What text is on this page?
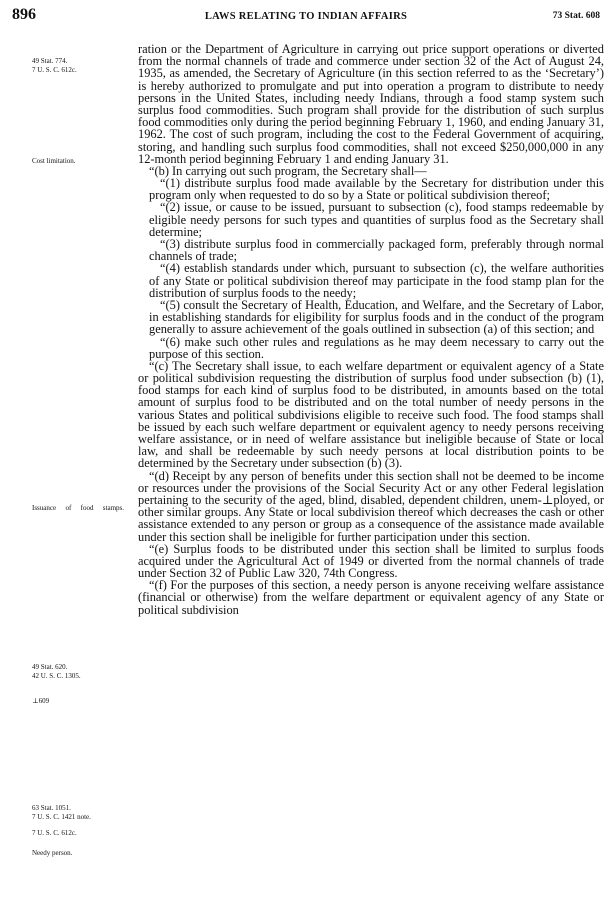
896	LAWS RELATING TO INDIAN AFFAIRS	73 Stat. 608
49 Stat. 774.
7 U. S. C. 612c.
Cost limitation.
Issuance of food stamps.
49 Stat. 620.
42 U. S. C. 1305.
⊥609
63 Stat. 1051.
7 U. S. C. 1421 note.
7 U. S. C. 612c.
Needy person.

ration or the Department of Agriculture in carrying out price support operations or diverted from the normal channels of trade and commerce under section 32 of the Act of August 24, 1935, as amended, the Secretary of Agriculture (in this section referred to as the ‘Secretary’) is hereby authorized to promulgate and put into operation a program to distribute to needy persons in the United States, including needy Indians, through a food stamp system such surplus food commodities. Such program shall provide for the distribution of such surplus food commodities only during the period beginning February 1, 1960, and ending January 31, 1962. The cost of such program, including the cost to the Federal Government of acquiring, storing, and handling such surplus food commodities, shall not exceed $250,000,000 in any 12-month period beginning February 1 and ending January 31.

“(b) In carrying out such program, the Secretary shall—

“(1) distribute surplus food made available by the Secretary for distribution under this program only when requested to do so by a State or political subdivision thereof;

“(2) issue, or cause to be issued, pursuant to subsection (c), food stamps redeemable by eligible needy persons for such types and quantities of surplus food as the Secretary shall determine;

“(3) distribute surplus food in commercially packaged form, preferably through normal channels of trade;

“(4) establish standards under which, pursuant to subsection (c), the welfare authorities of any State or political subdivision thereof may participate in the food stamp plan for the distribution of surplus foods to the needy;

“(5) consult the Secretary of Health, Education, and Welfare, and the Secretary of Labor, in establishing standards for eligibility for surplus foods and in the conduct of the program generally to assure achievement of the goals outlined in subsection (a) of this section; and

“(6) make such other rules and regulations as he may deem necessary to carry out the purpose of this section.

“(c) The Secretary shall issue, to each welfare department or equivalent agency of a State or political subdivision requesting the distribution of surplus food under subsection (b) (1), food stamps for each kind of surplus food to be distributed, in amounts based on the total amount of surplus food to be distributed and on the total number of needy persons in the various States and political subdivisions eligible to receive such food. The food stamps shall be issued by each such welfare department or equivalent agency to needy persons receiving welfare assistance, or in need of welfare assistance but ineligible because of State or local law, and shall be redeemable by such needy persons at local distribution points to be determined by the Secretary under subsection (b) (3).

“(d) Receipt by any person of benefits under this section shall not be deemed to be income or resources under the provisions of the Social Security Act or any other Federal legislation pertaining to the security of the aged, blind, disabled, dependent children, unem-⊥ployed, or other similar groups. Any State or local subdivision thereof which decreases the cash or other assistance extended to any person or group as a consequence of the assistance made available under this section shall be ineligible for further participation under this section.

“(e) Surplus foods to be distributed under this section shall be limited to surplus foods acquired under the Agricultural Act of 1949 or diverted from the normal channels of trade under Section 32 of Public Law 320, 74th Congress.

“(f) For the purposes of this section, a needy person is anyone receiving welfare assistance (financial or otherwise) from the welfare department or equivalent agency of any State or political subdivision
